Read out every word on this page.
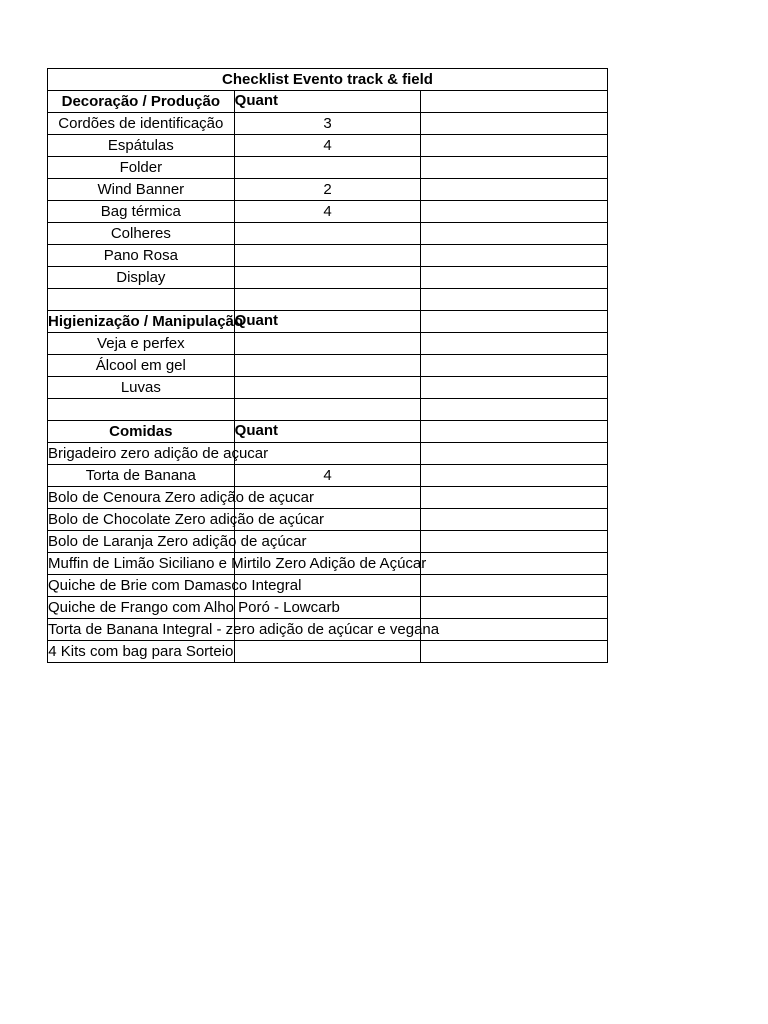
Checklist Evento track & field		
Decoração / Produção	Quant	
Cordões de identificação	3	
Espátulas	4	
Folder		
Wind Banner	2	
Bag térmica	4	
Colheres		
Pano Rosa		
Display		

Higienização / Manipulação	Quant	
Veja e perfex		
Álcool em gel		
Luvas		

Comidas	Quant	
Brigadeiro zero adição de açucar		
Torta de Banana	4	
Bolo de Cenoura Zero adição de açucar		
Bolo de Chocolate Zero adição de açúcar		
Bolo de Laranja Zero adição de açúcar		
Muffin de Limão Siciliano e Mirtilo Zero Adição de Açúcar		
Quiche de Brie com Damasco Integral		
Quiche de Frango com Alho Poró - Lowcarb		
Torta de Banana Integral - zero adição de açúcar e vegana		
4 Kits com bag para Sorteio		
